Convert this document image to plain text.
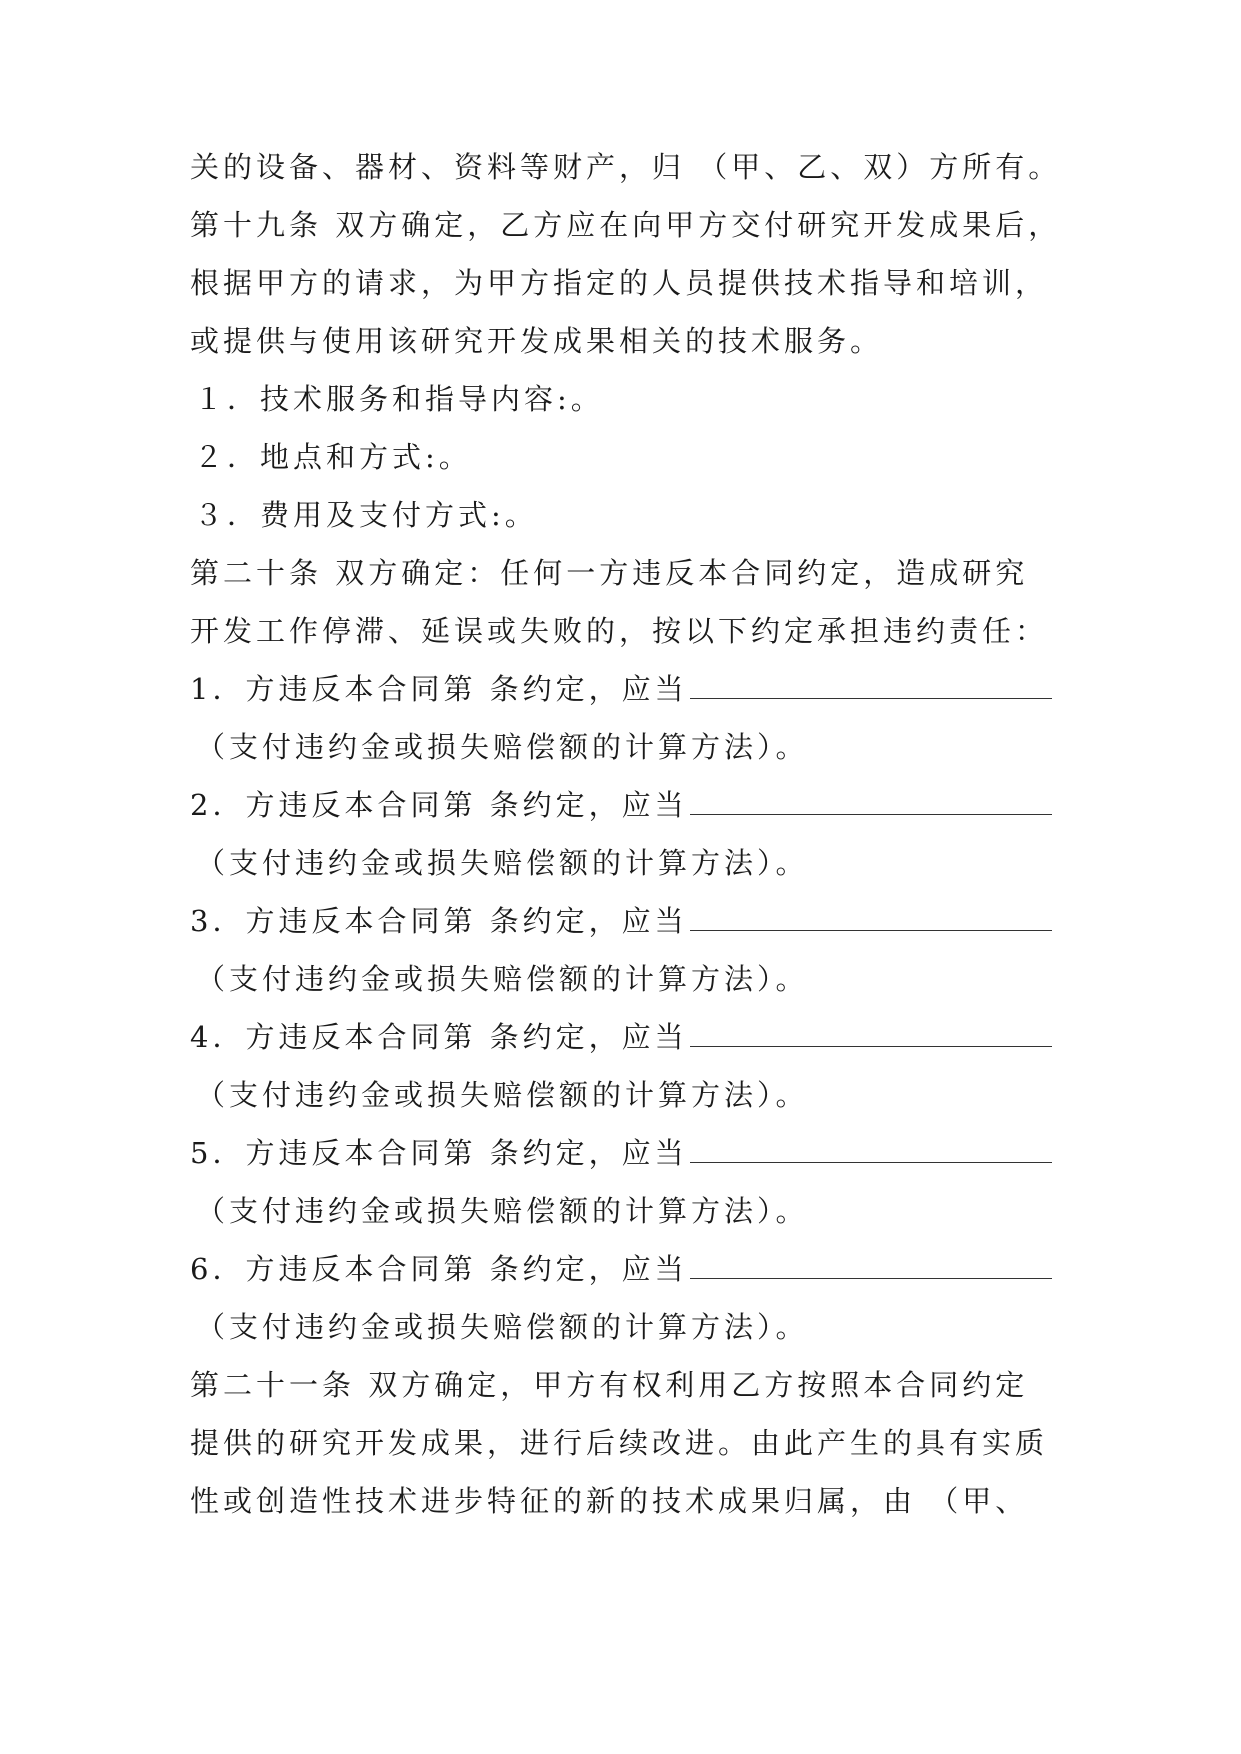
关的设备、器材、资料等财产，归 （甲、乙、双）方所有。
第十九条 双方确定，乙方应在向甲方交付研究开发成果后，
根据甲方的请求，为甲方指定的人员提供技术指导和培训，
或提供与使用该研究开发成果相关的技术服务。
１．技术服务和指导内容:。
２．地点和方式:。
３．费用及支付方式:。
第二十条 双方确定：任何一方违反本合同约定，造成研究
开发工作停滞、延误或失败的，按以下约定承担违约责任：
1．方违反本合同第 条约定，应当
（支付违约金或损失赔偿额的计算方法）。
2．方违反本合同第 条约定，应当
（支付违约金或损失赔偿额的计算方法）。
3．方违反本合同第 条约定，应当
（支付违约金或损失赔偿额的计算方法）。
4．方违反本合同第 条约定，应当
（支付违约金或损失赔偿额的计算方法）。
5．方违反本合同第 条约定，应当
（支付违约金或损失赔偿额的计算方法）。
6．方违反本合同第 条约定，应当
（支付违约金或损失赔偿额的计算方法）。
第二十一条 双方确定，甲方有权利用乙方按照本合同约定
提供的研究开发成果，进行后续改进。由此产生的具有实质
性或创造性技术进步特征的新的技术成果归属，由 （甲、
